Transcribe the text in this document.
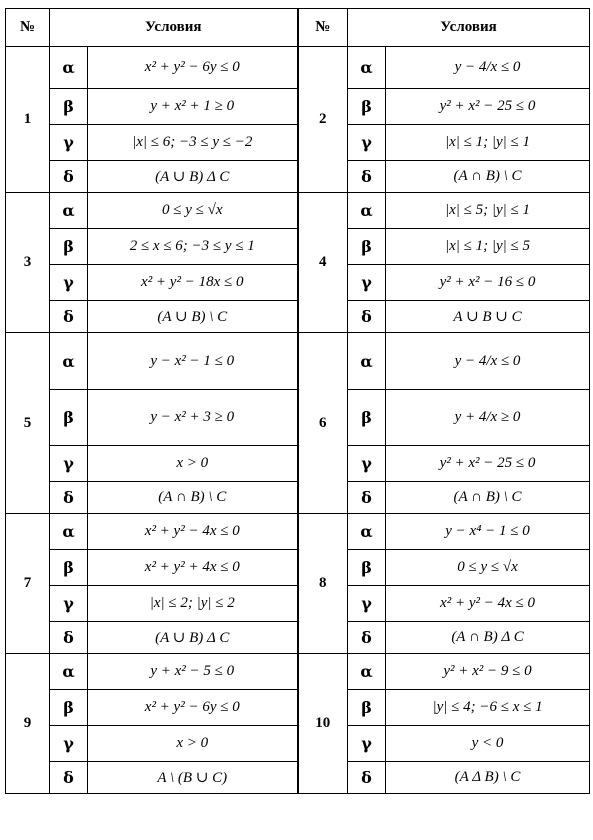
№	Условия		№	Условия	
1	α	x² + y² − 6y ≤ 0	2	α	y − 4/x ≤ 0
	β	y + x² + 1 ≥ 0		β	y² + x² − 25 ≤ 0
	γ	|x| ≤ 6; −3 ≤ y ≤ −2		γ	|x| ≤ 1; |y| ≤ 1
	δ	(A ∪ B) Δ C		δ	(A ∩ B) \ C
3	α	0 ≤ y ≤ √x	4	α	|x| ≤ 5; |y| ≤ 1
	β	2 ≤ x ≤ 6; −3 ≤ y ≤ 1		β	|x| ≤ 1; |y| ≤ 5
	γ	x² + y² − 18x ≤ 0		γ	y² + x² − 16 ≤ 0
	δ	(A ∪ B) \ C		δ	A ∪ B ∪ C
5	α	y − x² − 1 ≤ 0	6	α	y − 4/x ≤ 0
	β	y − x² + 3 ≥ 0		β	y + 4/x ≥ 0
	γ	x > 0		γ	y² + x² − 25 ≤ 0
	δ	(A ∩ B) \ C		δ	(A ∩ B) \ C
7	α	x² + y² − 4x ≤ 0	8	α	y − x⁴ − 1 ≤ 0
	β	x² + y² + 4x ≤ 0		β	0 ≤ y ≤ √x
	γ	|x| ≤ 2; |y| ≤ 2		γ	x² + y² − 4x ≤ 0
	δ	(A ∪ B) Δ C		δ	(A ∩ B) Δ C
9	α	y + x² − 5 ≤ 0	10	α	y² + x² − 9 ≤ 0
	β	x² + y² − 6y ≤ 0		β	|y| ≤ 4; −6 ≤ x ≤ 1
	γ	x > 0		γ	y < 0
	δ	A \ (B ∪ C)		δ	(A Δ B) \ C
